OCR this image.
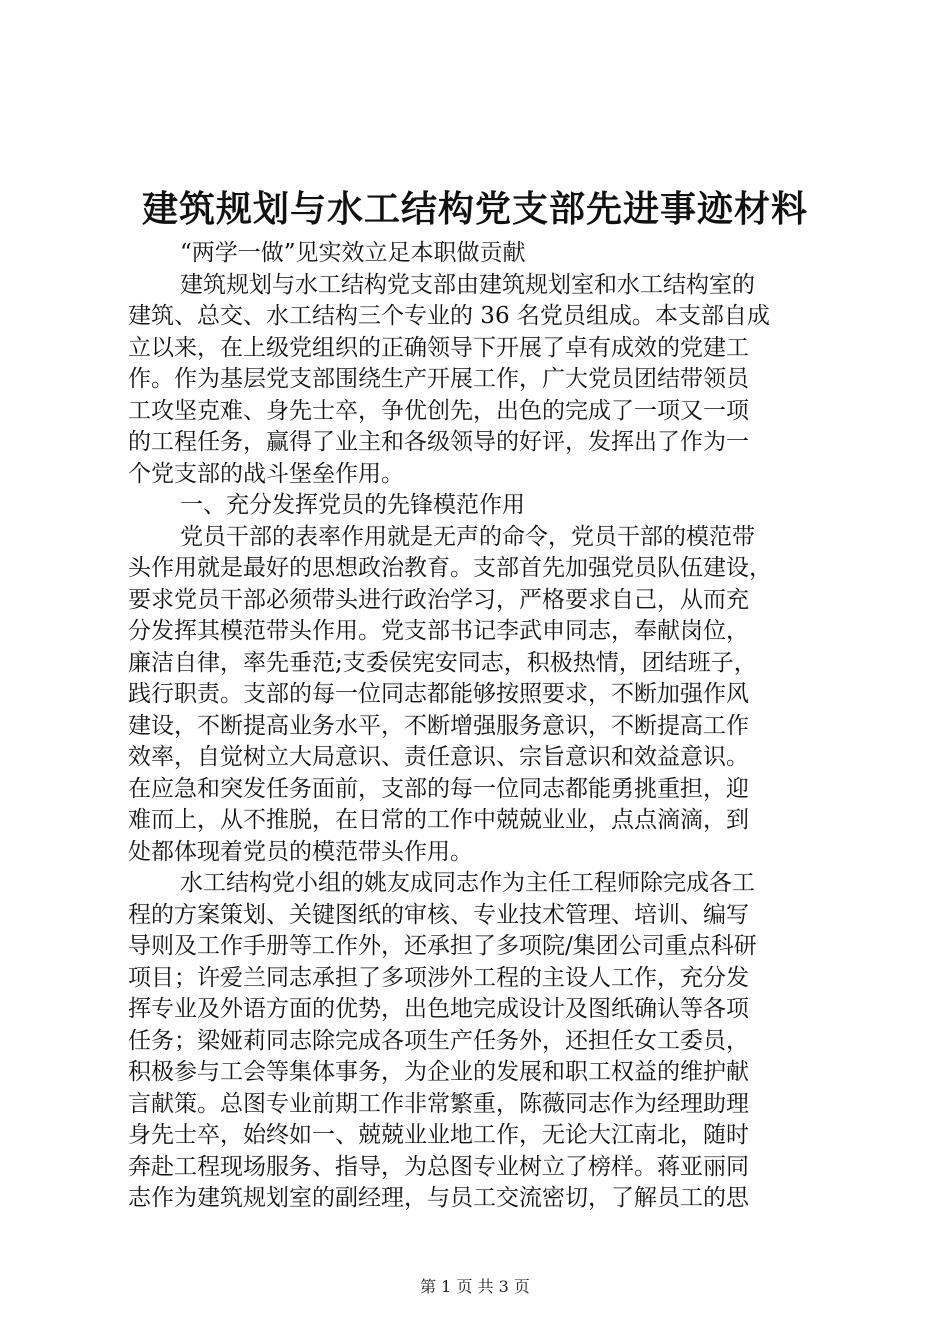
建筑规划与水工结构党支部先进事迹材料
“两学一做”见实效立足本职做贡献
建筑规划与水工结构党支部由建筑规划室和水工结构室的
建筑、总交、水工结构三个专业的 36 名党员组成。本支部自成
立以来，在上级党组织的正确领导下开展了卓有成效的党建工
作。作为基层党支部围绕生产开展工作，广大党员团结带领员
工攻坚克难、身先士卒，争优创先，出色的完成了一项又一项
的工程任务，赢得了业主和各级领导的好评，发挥出了作为一
个党支部的战斗堡垒作用。
一、充分发挥党员的先锋模范作用
党员干部的表率作用就是无声的命令，党员干部的模范带
头作用就是最好的思想政治教育。支部首先加强党员队伍建设，
要求党员干部必须带头进行政治学习，严格要求自己，从而充
分发挥其模范带头作用。党支部书记李武申同志，奉献岗位，
廉洁自律，率先垂范;支委侯宪安同志，积极热情，团结班子，
践行职责。支部的每一位同志都能够按照要求，不断加强作风
建设，不断提高业务水平，不断增强服务意识，不断提高工作
效率，自觉树立大局意识、责任意识、宗旨意识和效益意识。
在应急和突发任务面前，支部的每一位同志都能勇挑重担，迎
难而上，从不推脱，在日常的工作中兢兢业业，点点滴滴，到
处都体现着党员的模范带头作用。
水工结构党小组的姚友成同志作为主任工程师除完成各工
程的方案策划、关键图纸的审核、专业技术管理、培训、编写
导则及工作手册等工作外，还承担了多项院/集团公司重点科研
项目；许爱兰同志承担了多项涉外工程的主设人工作，充分发
挥专业及外语方面的优势，出色地完成设计及图纸确认等各项
任务；梁娅莉同志除完成各项生产任务外，还担任女工委员，
积极参与工会等集体事务，为企业的发展和职工权益的维护献
言献策。总图专业前期工作非常繁重，陈薇同志作为经理助理
身先士卒，始终如一、兢兢业业地工作，无论大江南北，随时
奔赴工程现场服务、指导，为总图专业树立了榜样。蒋亚丽同
志作为建筑规划室的副经理，与员工交流密切，了解员工的思
第 1 页 共 3 页
